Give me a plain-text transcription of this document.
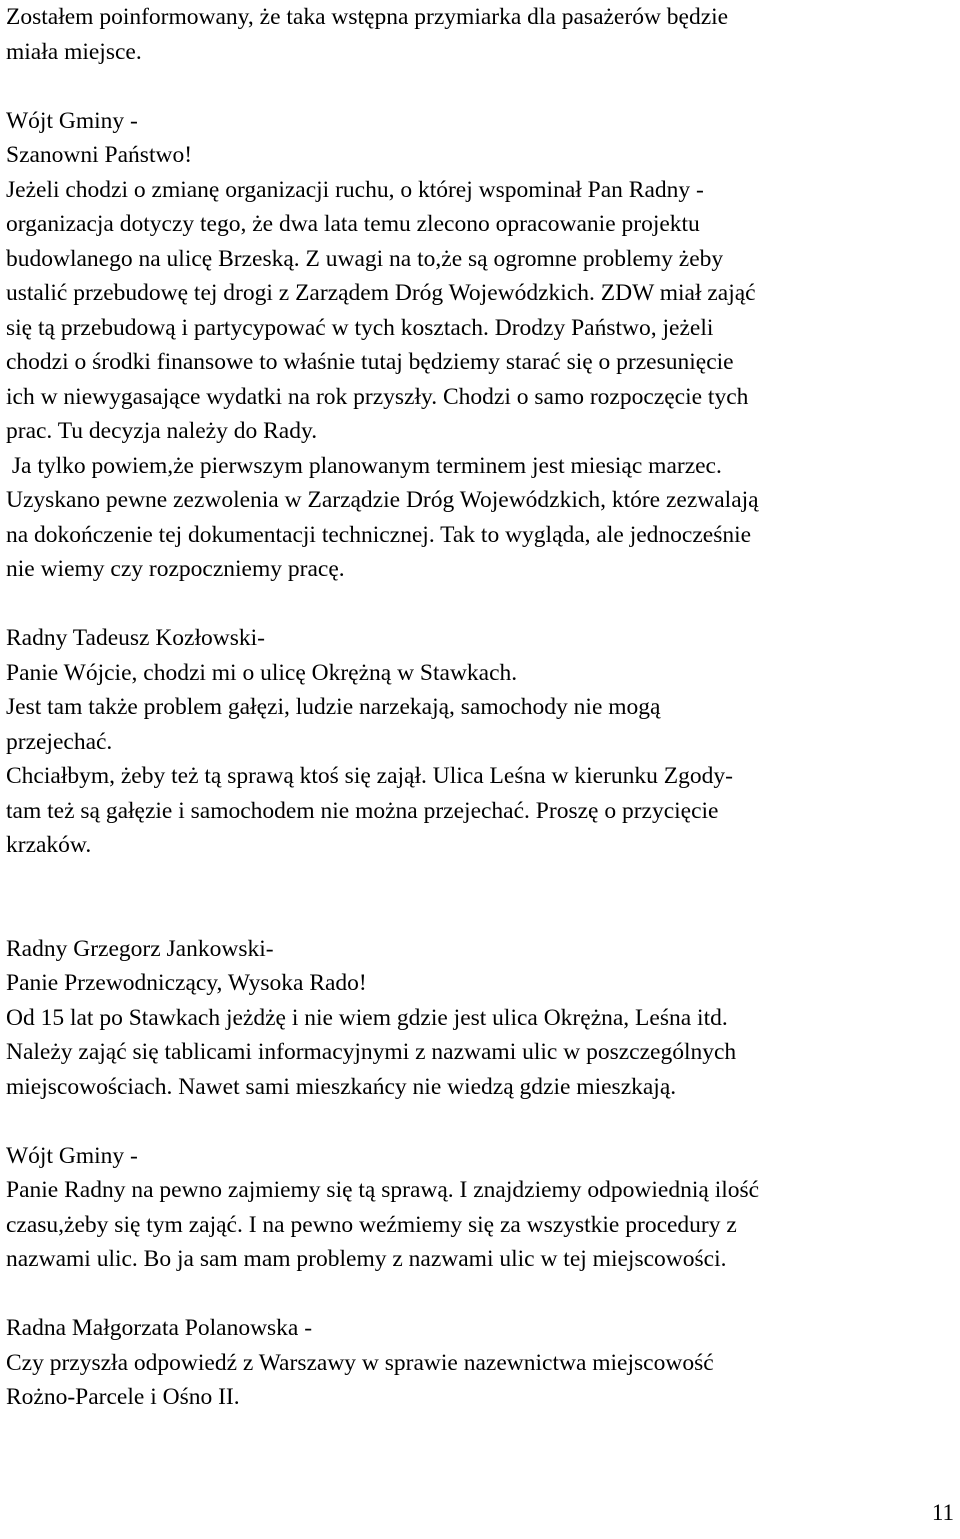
Zostałem poinformowany, że taka wstępna przymiarka dla pasażerów będzie
miała miejsce.
Wójt Gminy -
Szanowni Państwo!
Jeżeli chodzi o zmianę organizacji ruchu, o której wspominał Pan Radny -
organizacja dotyczy tego, że dwa lata temu zlecono opracowanie projektu
budowlanego na ulicę Brzeską. Z uwagi na to,że są ogromne problemy żeby
ustalić przebudowę tej drogi z Zarządem Dróg Wojewódzkich. ZDW miał zająć
się tą przebudową i partycypować w tych kosztach. Drodzy Państwo, jeżeli
chodzi o środki finansowe to właśnie tutaj będziemy starać się o przesunięcie
ich w niewygasające wydatki na rok przyszły. Chodzi o samo rozpoczęcie tych
prac. Tu decyzja należy do Rady.
Ja tylko powiem,że pierwszym planowanym terminem jest miesiąc marzec.
Uzyskano pewne zezwolenia w Zarządzie Dróg Wojewódzkich, które zezwalają
na dokończenie tej dokumentacji technicznej. Tak to wygląda, ale jednocześnie
nie wiemy czy rozpoczniemy pracę.
Radny Tadeusz Kozłowski-
Panie Wójcie, chodzi mi o ulicę Okrężną w Stawkach.
Jest tam także problem gałęzi, ludzie narzekają, samochody nie mogą
przejechać.
Chciałbym, żeby też tą sprawą ktoś się zajął. Ulica Leśna w kierunku Zgody-
tam też są gałęzie i samochodem nie można przejechać. Proszę o przycięcie
krzaków.
Radny Grzegorz Jankowski-
Panie Przewodniczący, Wysoka Rado!
Od 15 lat po Stawkach jeżdżę i nie wiem gdzie jest ulica Okrężna, Leśna itd.
Należy zająć się tablicami informacyjnymi z nazwami ulic w poszczególnych
miejscowościach. Nawet sami mieszkańcy nie wiedzą gdzie mieszkają.
Wójt Gminy -
Panie Radny na pewno zajmiemy się tą sprawą. I znajdziemy odpowiednią ilość
czasu,żeby się tym zająć. I na pewno weźmiemy się za wszystkie procedury z
nazwami ulic. Bo ja sam mam problemy z nazwami ulic w tej miejscowości.
Radna Małgorzata Polanowska -
Czy przyszła odpowiedź z Warszawy w sprawie nazewnictwa miejscowość
Rożno-Parcele i Ośno II.
11
